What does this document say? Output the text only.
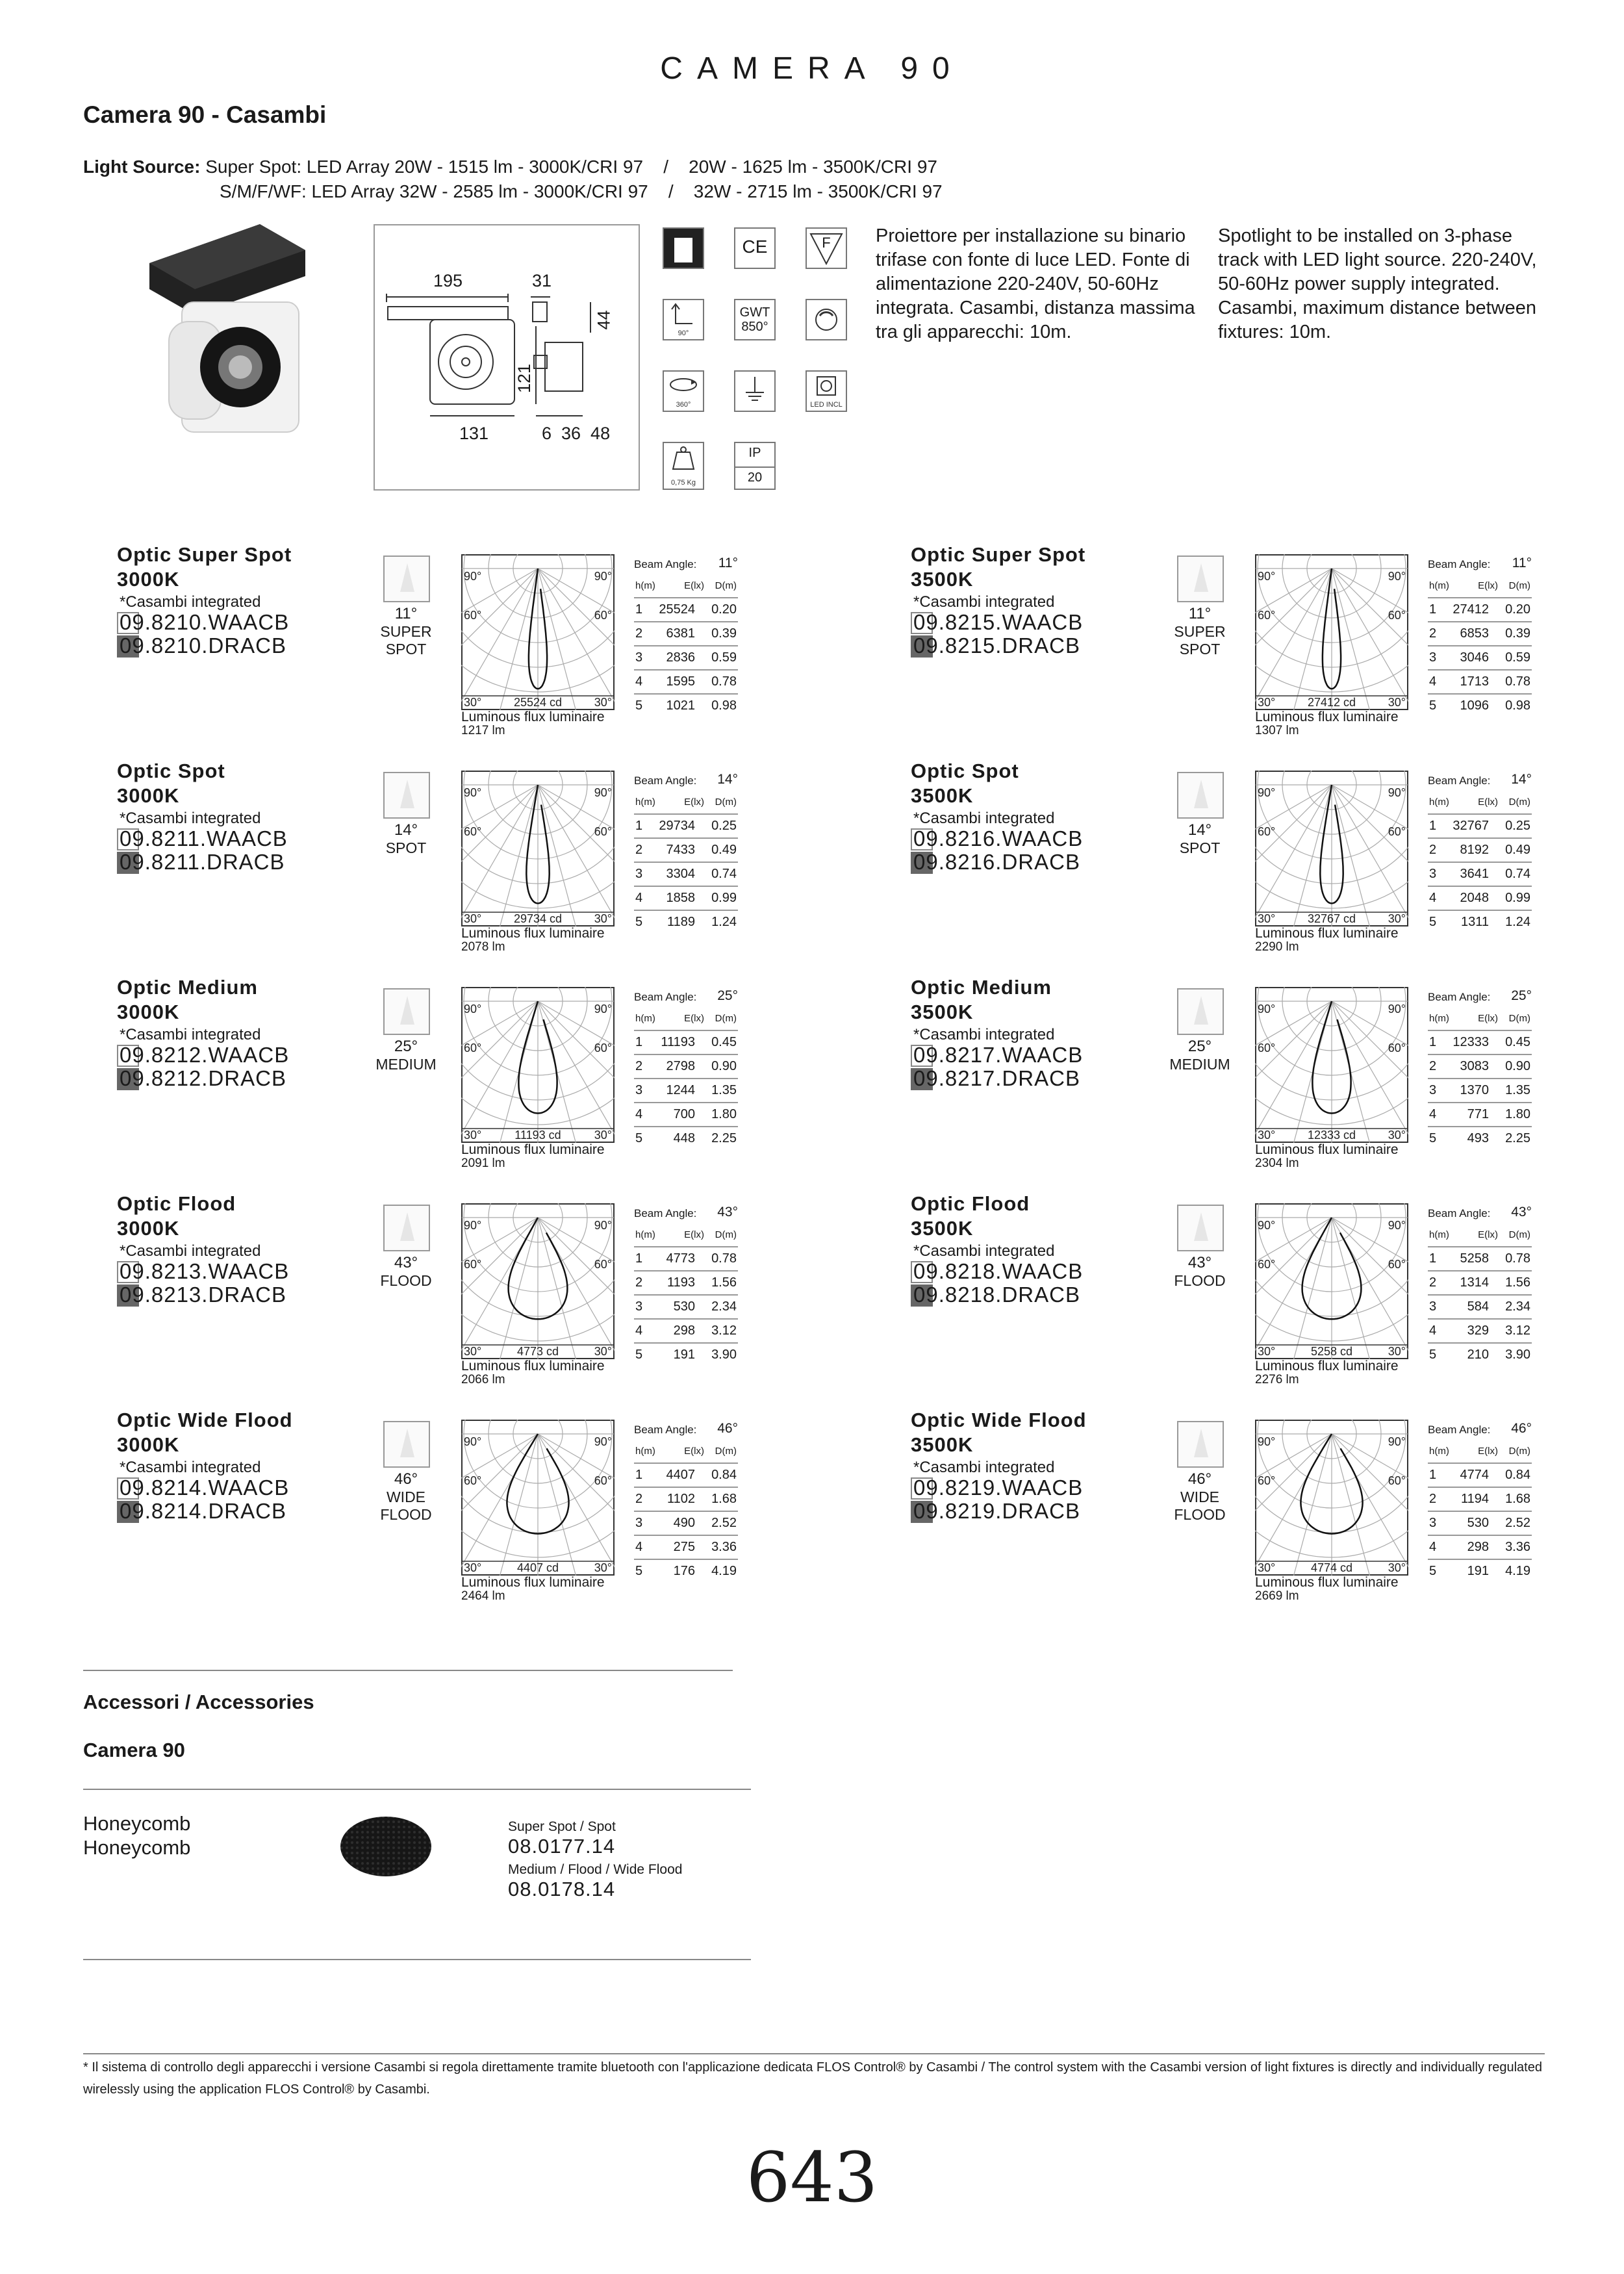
CAMERA 90
Camera 90 - Casambi
Light Source: Super Spot: LED Array 20W - 1515 lm - 3000K/CRI 97    /    20W - 1625 lm - 3500K/CRI 97
S/M/F/WF: LED Array 32W - 2585 lm - 3000K/CRI 97    /    32W - 2715 lm - 3500K/CRI 97
195	31
44
121
131	6  36  48
CE	F
90°
GWT
850°
360°	LED INCL
0,75 Kg
IP
20
Proiettore per installazione su binario trifase con fonte di luce LED. Fonte di alimentazione 220-240V, 50-60Hz integrata. Casambi, distanza massima tra gli apparecchi: 10m.
Spotlight to be installed on 3-phase track with LED light source. 220-240V, 50-60Hz power supply integrated. Casambi, maximum distance between fixtures: 10m.
Optic Super Spot
3000K
*Casambi integrated
09.8210.WAACB
09.8210.DRACB
11°
SUPER SPOT
90°	90°
60°	60°
30°	30°
25524 cd
Luminous flux luminaire
1217 lm
Beam Angle: 11°
h(m)	E(lx) D(m)
1 25524 0.20
2 6381 0.39
3 2836 0.59
4 1595 0.78
5 1021 0.98
Optic Super Spot
3500K
*Casambi integrated
09.8215.WAACB
09.8215.DRACB
11°
SUPER SPOT
90°	90°
60°	60°
30°	30°
27412 cd
Luminous flux luminaire
1307 lm
Beam Angle: 11°
h(m)	E(lx) D(m)
1 27412 0.20
2 6853 0.39
3 3046 0.59
4 1713 0.78
5 1096 0.98
Optic Spot
3000K
*Casambi integrated
09.8211.WAACB
09.8211.DRACB
14°
SPOT
90°	90°
60°	60°
30°	30°
29734 cd
Luminous flux luminaire
2078 lm
Beam Angle: 14°
h(m)	E(lx) D(m)
1 29734 0.25
2 7433 0.49
3 3304 0.74
4 1858 0.99
5 1189 1.24
Optic Spot
3500K
*Casambi integrated
09.8216.WAACB
09.8216.DRACB
14°
SPOT
90°	90°
60°	60°
30°	30°
32767 cd
Luminous flux luminaire
2290 lm
Beam Angle: 14°
h(m)	E(lx) D(m)
1 32767 0.25
2 8192 0.49
3 3641 0.74
4 2048 0.99
5 1311 1.24
Optic Medium
3000K
*Casambi integrated
09.8212.WAACB
09.8212.DRACB
25°
MEDIUM
90°	90°
60°	60°
30°	30°
11193 cd
Luminous flux luminaire
2091 lm
Beam Angle: 25°
h(m)	E(lx) D(m)
1 11193 0.45
2 2798 0.90
3 1244 1.35
4 700 1.80
5 448 2.25
Optic Medium
3500K
*Casambi integrated
09.8217.WAACB
09.8217.DRACB
25°
MEDIUM
90°	90°
60°	60°
30°	30°
12333 cd
Luminous flux luminaire
2304 lm
Beam Angle: 25°
h(m)	E(lx) D(m)
1 12333 0.45
2 3083 0.90
3 1370 1.35
4 771 1.80
5 493 2.25
Optic Flood
3000K
*Casambi integrated
09.8213.WAACB
09.8213.DRACB
43°
FLOOD
90°	90°
60°	60°
30°	30°
4773 cd
Luminous flux luminaire
2066 lm
Beam Angle: 43°
h(m)	E(lx) D(m)
1 4773 0.78
2 1193 1.56
3 530 2.34
4 298 3.12
5 191 3.90
Optic Flood
3500K
*Casambi integrated
09.8218.WAACB
09.8218.DRACB
43°
FLOOD
90°	90°
60°	60°
30°	30°
5258 cd
Luminous flux luminaire
2276 lm
Beam Angle: 43°
h(m)	E(lx) D(m)
1 5258 0.78
2 1314 1.56
3 584 2.34
4 329 3.12
5 210 3.90
Optic Wide Flood
3000K
*Casambi integrated
09.8214.WAACB
09.8214.DRACB
46°
WIDE FLOOD
90°	90°
60°	60°
30°	30°
4407 cd
Luminous flux luminaire
2464 lm
Beam Angle: 46°
h(m)	E(lx) D(m)
1 4407 0.84
2 1102 1.68
3 490 2.52
4 275 3.36
5 176 4.19
Optic Wide Flood
3500K
*Casambi integrated
09.8219.WAACB
09.8219.DRACB
46°
WIDE FLOOD
90°	90°
60°	60°
30°	30°
4774 cd
Luminous flux luminaire
2669 lm
Beam Angle: 46°
h(m)	E(lx) D(m)
1 4774 0.84
2 1194 1.68
3 530 2.52
4 298 3.36
5 191 4.19
Accessori / Accessories
Camera 90
Honeycomb
Honeycomb
Super Spot / Spot
08.0177.14
Medium / Flood / Wide Flood
08.0178.14
* Il sistema di controllo degli apparecchi i versione Casambi si regola direttamente tramite bluetooth con l'applicazione dedicata FLOS Control® by Casambi / The control system with the Casambi version of light fixtures is directly and individually regulated wirelessly using the application FLOS Control® by Casambi.
643
